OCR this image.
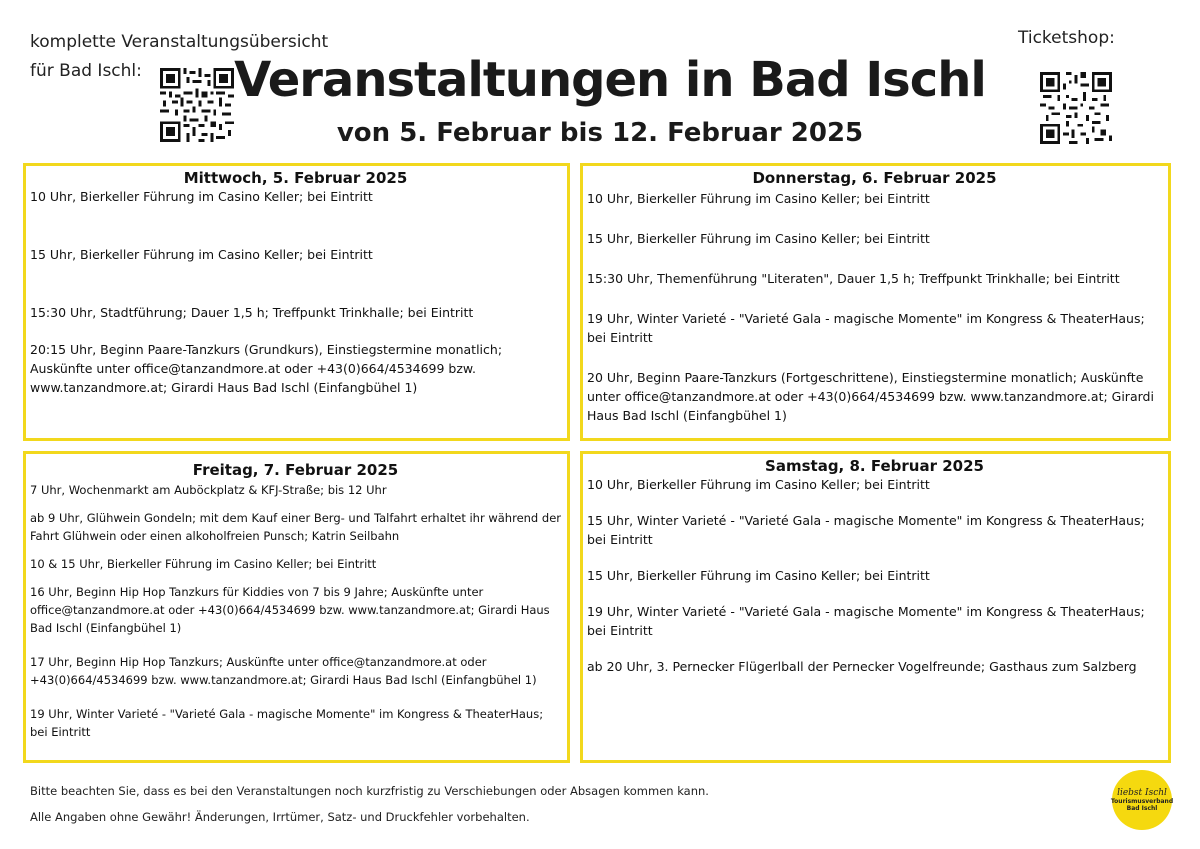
komplette Veranstaltungsübersicht
für Bad Ischl:	Veranstaltungen in Bad Ischl
von 5. Februar bis 12. Februar 2025
Ticketshop:
Mittwoch, 5. Februar 2025

10 Uhr, Bierkeller Führung im Casino Keller; bei Eintritt

15 Uhr, Bierkeller Führung im Casino Keller; bei Eintritt

15:30 Uhr, Stadtführung; Dauer 1,5 h; Treffpunkt Trinkhalle; bei Eintritt

20:15 Uhr, Beginn Paare-Tanzkurs (Grundkurs), Einstiegstermine monatlich; Auskünfte unter office@tanzandmore.at oder +43(0)664/4534699 bzw. www.tanzandmore.at; Girardi Haus Bad Ischl (Einfangbühel 1)

Donnerstag, 6. Februar 2025

10 Uhr, Bierkeller Führung im Casino Keller; bei Eintritt

15 Uhr, Bierkeller Führung im Casino Keller; bei Eintritt

15:30 Uhr, Themenführung "Literaten", Dauer 1,5 h; Treffpunkt Trinkhalle; bei Eintritt

19 Uhr, Winter Varieté - "Varieté Gala - magische Momente" im Kongress & TheaterHaus; bei Eintritt

20 Uhr, Beginn Paare-Tanzkurs (Fortgeschrittene), Einstiegstermine monatlich; Auskünfte unter office@tanzandmore.at oder +43(0)664/4534699 bzw. www.tanzandmore.at; Girardi Haus Bad Ischl (Einfangbühel 1)

Freitag, 7. Februar 2025

7 Uhr, Wochenmarkt am Auböckplatz & KFJ-Straße; bis 12 Uhr

ab 9 Uhr, Glühwein Gondeln; mit dem Kauf einer Berg- und Talfahrt erhaltet ihr während der Fahrt Glühwein oder einen alkoholfreien Punsch; Katrin Seilbahn

10 & 15 Uhr, Bierkeller Führung im Casino Keller; bei Eintritt

16 Uhr, Beginn Hip Hop Tanzkurs für Kiddies von 7 bis 9 Jahre; Auskünfte unter office@tanzandmore.at oder +43(0)664/4534699 bzw. www.tanzandmore.at; Girardi Haus Bad Ischl (Einfangbühel 1)

17 Uhr, Beginn Hip Hop Tanzkurs; Auskünfte unter office@tanzandmore.at oder +43(0)664/4534699 bzw. www.tanzandmore.at; Girardi Haus Bad Ischl (Einfangbühel 1)

19 Uhr, Winter Varieté - "Varieté Gala - magische Momente" im Kongress & TheaterHaus; bei Eintritt

Samstag, 8. Februar 2025

10 Uhr, Bierkeller Führung im Casino Keller; bei Eintritt

15 Uhr, Winter Varieté - "Varieté Gala - magische Momente" im Kongress & TheaterHaus; bei Eintritt

15 Uhr, Bierkeller Führung im Casino Keller; bei Eintritt

19 Uhr, Winter Varieté - "Varieté Gala - magische Momente" im Kongress & TheaterHaus; bei Eintritt

ab 20 Uhr, 3. Pernecker Flügerlball der Pernecker Vogelfreunde; Gasthaus zum Salzberg

Bitte beachten Sie, dass es bei den Veranstaltungen noch kurzfristig zu Verschiebungen oder Absagen kommen kann.
Alle Angaben ohne Gewähr! Änderungen, Irrtümer, Satz- und Druckfehler vorbehalten.
liebst Ischl
Tourismusverband
Bad Ischl
